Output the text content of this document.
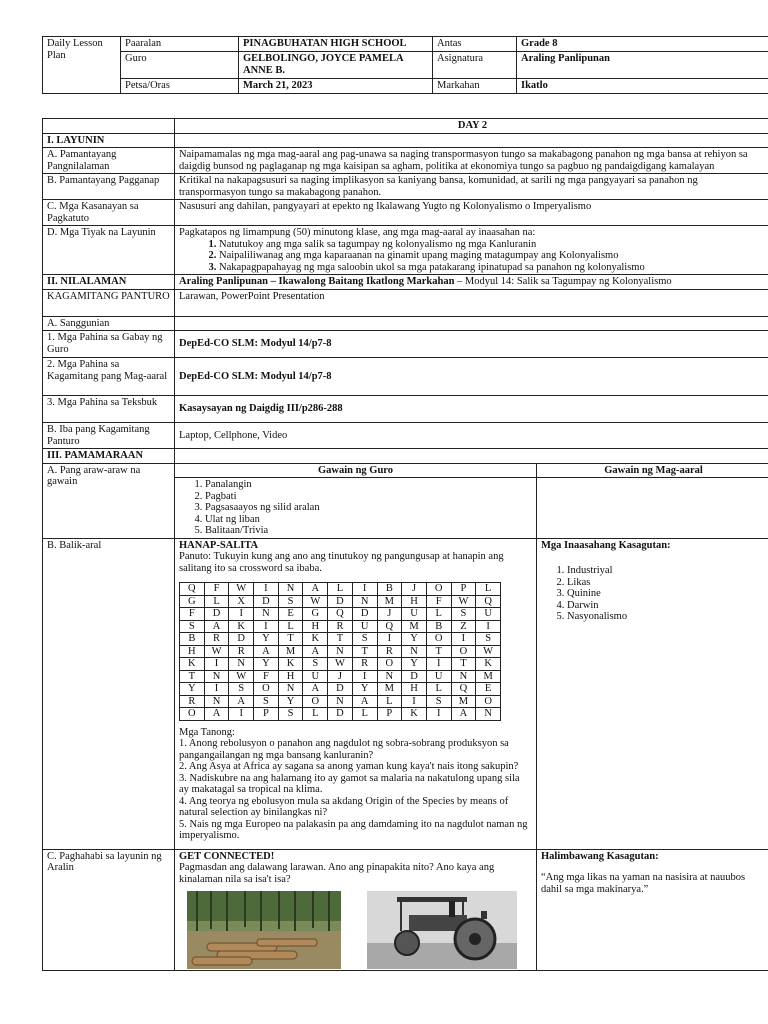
Daily Lesson Plan	Paaralan	PINAGBUHATAN HIGH SCHOOL	Antas	Grade 8
	Guro	GELBOLINGO, JOYCE PAMELA ANNE B.	Asignatura	Araling Panlipunan
	Petsa/Oras	March 21, 2023	Markahan	Ikatlo
	DAY 2
I. LAYUNIN	
A. Pamantayang Pangnilalaman	Naipamamalas ng mga mag-aaral ang pag-unawa sa naging transpormasyon tungo sa makabagong panahon ng mga bansa at rehiyon sa daigdig bunsod ng paglaganap ng mga kaisipan sa agham, politika at ekonomiya tungo sa pagbuo ng pandaigdigang kamalayan
B. Pamantayang Pagganap	Kritikal na nakapagsusuri sa naging implikasyon sa kaniyang bansa, komunidad, at sarili ng mga pangyayari sa panahon ng transpormasyon tungo sa makabagong panahon.
C. Mga Kasanayan sa Pagkatuto	Nasusuri ang dahilan, pangyayari at epekto ng Ikalawang Yugto ng Kolonyalismo o Imperyalismo
D. Mga Tiyak na Layunin	Pagkatapos ng limampung (50) minutong klase, ang mga mag-aaral ay inaasahan na:
1. Natutukoy ang mga salik sa tagumpay ng kolonyalismo ng mga Kanluranin
2. Naipaliliwanag ang mga kaparaanan na ginamit upang maging matagumpay ang Kolonyalismo
3. Nakapagpapahayag ng mga saloobin ukol sa mga patakarang ipinatupad sa panahon ng kolonyalismo

II. NILALAMAN	Araling Panlipunan – Ikawalong Baitang Ikatlong Markahan – Modyul 14: Salik sa Tagumpay ng Kolonyalismo
KAGAMITANG PANTURO	Larawan, PowerPoint Presentation
A. Sanggunian	
1. Mga Pahina sa Gabay ng Guro	DepEd-CO SLM: Modyul 14/p7-8
2. Mga Pahina sa Kagamitang pang Mag-aaral	DepEd-CO SLM: Modyul 14/p7-8
3. Mga Pahina sa Teksbuk	Kasaysayan ng Daigdig III/p286-288
B. Iba pang Kagamitang Panturo	Laptop, Cellphone, Video
III. PAMAMARAAN	
A. Pang araw-araw na gawain	Gawain ng Guro	Gawain ng Mag-aaral

1. Panalangin
2. Pagbati
3. Pagsasaayos ng silid aralan
4. Ulat ng liban
5. Balitaan/Trivia

B. Balik-aral	HANAP-SALITA
Panuto: Tukuyin kung ang ano ang tinutukoy ng pangungusap at hanapin ang salitang ito sa crossword sa ibaba.
Q	F	W	I	N	A	L	I	B	J	O	P	L
G	L	X	D	S	W	D	N	M	H	F	W	Q
F	D	I	N	E	G	Q	D	J	U	L	S	U
S	A	K	I	L	H	R	U	Q	M	B	Z	I
B	R	D	Y	T	K	T	S	I	Y	O	I	S
H	W	R	A	M	A	N	T	R	N	T	O	W
K	I	N	Y	K	S	W	R	O	Y	I	T	K
T	N	W	F	H	U	J	I	N	D	U	N	M
Y	I	S	O	N	A	D	Y	M	H	L	Q	E
R	N	A	S	Y	O	N	A	L	I	S	M	O
O	A	I	P	S	L	D	L	P	K	I	A	N

Mga Tanong:

1. Anong rebolusyon o panahon ang nagdulot ng sobra-sobrang produksyon sa pangangailangan ng mga bansang kanluranin?

2. Ang Asya at Africa ay sagana sa anong yaman kung kaya't nais itong sakupin?

3. Nadiskubre na ang halamang ito ay gamot sa malaria na nakatulong upang sila ay makatagal sa tropical na klima.

4. Ang teorya ng ebolusyon mula sa akdang Origin of the Species by means of natural selection ay binilangkas ni?

5. Nais ng mga Europeo na palakasin pa ang damdaming ito na nagdulot naman ng imperyalismo.

Mga Inaasahang Kasagutan:
1. Industriyal
2. Likas
3. Quinine
4. Darwin
5. Nasyonalismo

C. Paghahabi sa layunin ng Aralin	
GET CONNECTED!
Pagmasdan ang dalawang larawan. Ano ang pinapakita nito? Ano kaya ang kinalaman nila sa isa't isa?

Halimbawang Kasagutan:
“Ang mga likas na yaman na nasisira at nauubos dahil sa mga makinarya.”
